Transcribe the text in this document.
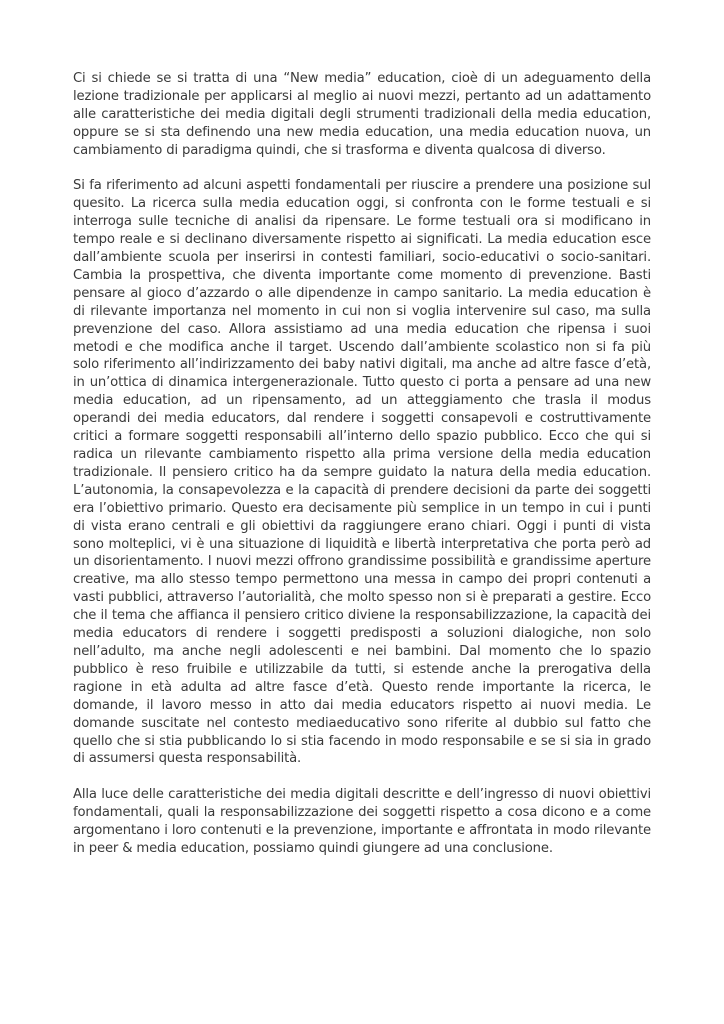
Ci si chiede se si tratta di una “New media” education, cioè di un adeguamento della lezione tradizionale per applicarsi al meglio ai nuovi mezzi, pertanto ad un adattamento alle caratteristiche dei media digitali degli strumenti tradizionali della media education, oppure se si sta definendo una new media education, una media education nuova, un cambiamento di paradigma quindi, che si trasforma e diventa qualcosa di diverso.

Si fa riferimento ad alcuni aspetti fondamentali per riuscire a prendere una posizione sul quesito. La ricerca sulla media education oggi, si confronta con le forme testuali e si interroga sulle tecniche di analisi da ripensare. Le forme testuali ora si modificano in tempo reale e si declinano diversamente rispetto ai significati. La media education esce dall’ambiente scuola per inserirsi in contesti familiari, socio-educativi o socio-sanitari. Cambia la prospettiva, che diventa importante come momento di prevenzione. Basti pensare al gioco d’azzardo o alle dipendenze in campo sanitario. La media education è di rilevante importanza nel momento in cui non si voglia intervenire sul caso, ma sulla prevenzione del caso. Allora assistiamo ad una media education che ripensa i suoi metodi e che modifica anche il target. Uscendo dall’ambiente scolastico non si fa più solo riferimento all’indirizzamento dei baby nativi digitali, ma anche ad altre fasce d’età, in un’ottica di dinamica intergenerazionale. Tutto questo ci porta a pensare ad una new media education, ad un ripensamento, ad un atteggiamento che trasla il modus operandi dei media educators, dal rendere i soggetti consapevoli e costruttivamente critici a formare soggetti responsabili all’interno dello spazio pubblico. Ecco che qui si radica un rilevante cambiamento rispetto alla prima versione della media education tradizionale. Il pensiero critico ha da sempre guidato la natura della media education. L’autonomia, la consapevolezza e la capacità di prendere decisioni da parte dei soggetti era l’obiettivo primario. Questo era decisamente più semplice in un tempo in cui i punti di vista erano centrali e gli obiettivi da raggiungere erano chiari. Oggi i punti di vista sono molteplici, vi è una situazione di liquidità e libertà interpretativa che porta però ad un disorientamento. I nuovi mezzi offrono grandissime possibilità e grandissime aperture creative, ma allo stesso tempo permettono una messa in campo dei propri contenuti a vasti pubblici, attraverso l’autorialità, che molto spesso non si è preparati a gestire. Ecco che il tema che affianca il pensiero critico diviene la responsabilizzazione, la capacità dei media educators di rendere i soggetti predisposti a soluzioni dialogiche, non solo nell’adulto, ma anche negli adolescenti e nei bambini. Dal momento che lo spazio pubblico è reso fruibile e utilizzabile da tutti, si estende anche la prerogativa della ragione in età adulta ad altre fasce d’età. Questo rende importante la ricerca, le domande, il lavoro messo in atto dai media educators rispetto ai nuovi media. Le domande suscitate nel contesto mediaeducativo sono riferite al dubbio sul fatto che quello che si stia pubblicando lo si stia facendo in modo responsabile e se si sia in grado di assumersi questa responsabilità.

Alla luce delle caratteristiche dei media digitali descritte e dell’ingresso di nuovi obiettivi fondamentali, quali la responsabilizzazione dei soggetti rispetto a cosa dicono e a come argomentano i loro contenuti e la prevenzione, importante e affrontata in modo rilevante in peer & media education, possiamo quindi giungere ad una conclusione.
